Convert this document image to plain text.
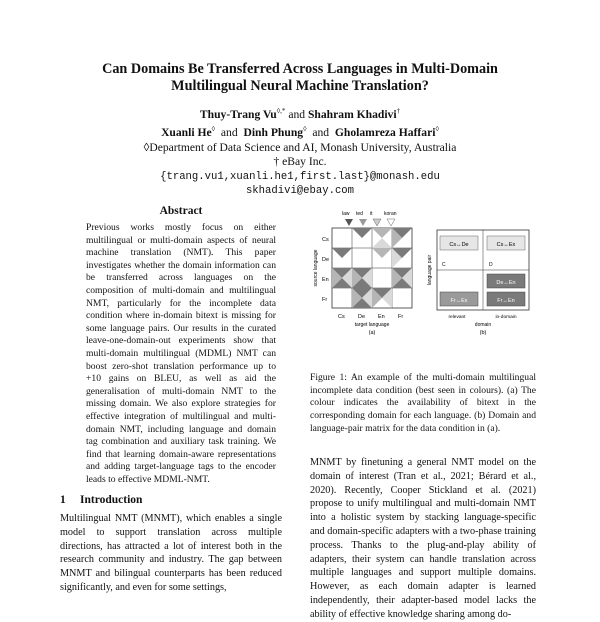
Can Domains Be Transferred Across Languages in Multi-Domain
Multilingual Neural Machine Translation?
Thuy-Trang Vu◊,* and Shahram Khadivi†
Xuanli He◊ and Dinh Phung◊ and Gholamreza Haffari◊
◊Department of Data Science and AI, Monash University, Australia
† eBay Inc.
{trang.vu1,xuanli.he1,first.last}@monash.edu
skhadivi@ebay.com
Abstract
Previous works mostly focus on either multilingual or multi-domain aspects of neural machine translation (NMT). This paper investigates whether the domain information can be transferred across languages on the composition of multi-domain and multilingual NMT, particularly for the incomplete data condition where in-domain bitext is missing for some language pairs. Our results in the curated leave-one-domain-out experiments show that multi-domain multilingual (MDML) NMT can boost zero-shot translation performance up to +10 gains on BLEU, as well as aid the generalisation of multi-domain NMT to the missing domain. We also explore strategies for effective integration of multilingual and multi-domain NMT, including language and domain tag combination and auxiliary task training. We find that learning domain-aware representations and adding target-language tags to the encoder leads to effective MDML-NMT.
1 Introduction
Multilingual NMT (MNMT), which enables a single model to support translation across multiple directions, has attracted a lot of interest both in the research community and industry. The gap between MNMT and bilingual counterparts has been reduced significantly, and even for some settings,
law ted it koran
Cs
De
En
Fr
Cs De En Fr
source language
target language
(a)
Cs↔De	Cs↔Ex
De↔En
Fr↔Ex	Fr↔En
C	D
language pair
relevant	in-domain
domain
(b)
Figure 1: An example of the multi-domain multilingual incomplete data condition (best seen in colours). (a) The colour indicates the availability of bitext in the corresponding domain for each language. (b) Domain and language-pair matrix for the data condition in (a).
MNMT by finetuning a general NMT model on the domain of interest (Tran et al., 2021; Bérard et al., 2020). Recently, Cooper Stickland et al. (2021) propose to unify multilingual and multi-domain NMT into a holistic system by stacking language-specific and domain-specific adapters with a two-phase training process. Thanks to the plug-and-play ability of adapters, their system can handle translation across multiple languages and support multiple domains. However, as each domain adapter is learned independently, their adapter-based model lacks the ability of effective knowledge sharing among do-
